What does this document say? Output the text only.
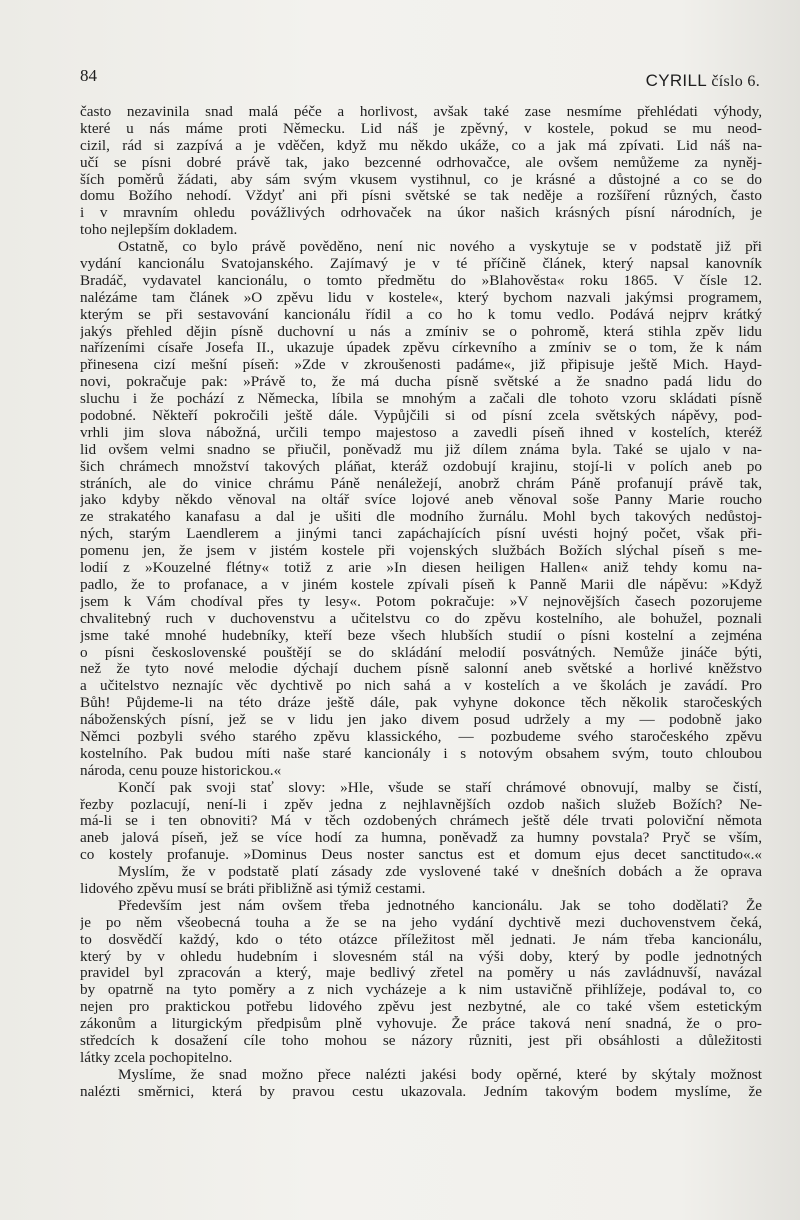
84	CYRILL číslo 6.
často nezavinila snad malá péče a horlivost, avšak také zase nesmíme přehlédati výhody,
které u nás máme proti Německu. Lid náš je zpěvný, v kostele, pokud se mu neod-
cizil, rád si zazpívá a je vděčen, když mu někdo ukáže, co a jak má zpívati. Lid náš na-
učí se písni dobré právě tak, jako bezcenné odrhovačce, ale ovšem nemůžeme za nyněj-
ších poměrů žádati, aby sám svým vkusem vystihnul, co je krásné a důstojné a co se do
domu Božího nehodí. Vždyť ani při písni světské se tak neděje a rozšíření různých, často
i v mravním ohledu povážlivých odrhovaček na úkor našich krásných písní národních, je
toho nejlepším dokladem.
Ostatně, co bylo právě pověděno, není nic nového a vyskytuje se v podstatě již při
vydání kancionálu Svatojanského. Zajímavý je v té příčině článek, který napsal kanovník
Bradáč, vydavatel kancionálu, o tomto předmětu do »Blahověsta« roku 1865. V čísle 12.
nalézáme tam článek »O zpěvu lidu v kostele«, který bychom nazvali jakýmsi programem,
kterým se při sestavování kancionálu řídil a co ho k tomu vedlo. Podává nejprv krátký
jakýs přehled dějin písně duchovní u nás a zmíniv se o pohromě, která stihla zpěv lidu
nařízeními císaře Josefa II., ukazuje úpadek zpěvu církevního a zmíniv se o tom, že k nám
přinesena cizí mešní píseň: »Zde v zkroušenosti padáme«, již připisuje ještě Mich. Hayd-
novi, pokračuje pak: »Právě to, že má ducha písně světské a že snadno padá lidu do
sluchu i že pochází z Německa, líbila se mnohým a začali dle tohoto vzoru skládati písně
podobné. Někteří pokročili ještě dále. Vypůjčili si od písní zcela světských nápěvy, pod-
vrhli jim slova nábožná, určili tempo majestoso a zavedli píseň ihned v kostelích, kteréž
lid ovšem velmi snadno se přiučil, poněvadž mu již dílem známa byla. Také se ujalo v na-
šich chrámech množství takových pláňat, kteráž ozdobují krajinu, stojí-li v polích aneb po
stráních, ale do vinice chrámu Páně nenáležejí, anobrž chrám Páně profanují právě tak,
jako kdyby někdo věnoval na oltář svíce lojové aneb věnoval soše Panny Marie roucho
ze strakatého kanafasu a dal je ušiti dle modního žurnálu. Mohl bych takových nedůstoj-
ných, starým Laendlerem a jinými tanci zapáchajících písní uvésti hojný počet, však při-
pomenu jen, že jsem v jistém kostele při vojenských službách Božích slýchal píseň s me-
lodií z »Kouzelné flétny« totiž z arie »In diesen heiligen Hallen« aniž tehdy komu na-
padlo, že to profanace, a v jiném kostele zpívali píseň k Panně Marii dle nápěvu: »Když
jsem k Vám chodíval přes ty lesy«. Potom pokračuje: »V nejnovějších časech pozorujeme
chvalitebný ruch v duchovenstvu a učitelstvu co do zpěvu kostelního, ale bohužel, poznali
jsme také mnohé hudebníky, kteří beze všech hlubších studií o písni kostelní a zejména
o písni československé pouštějí se do skládání melodií posvátných. Nemůže jináče býti,
než že tyto nové melodie dýchají duchem písně salonní aneb světské a horlivé kněžstvo
a učitelstvo neznajíc věc dychtivě po nich sahá a v kostelích a ve školách je zavádí. Pro
Bůh! Půjdeme-li na této dráze ještě dále, pak vyhyne dokonce těch několik staročeských
náboženských písní, jež se v lidu jen jako divem posud udržely a my — podobně jako
Němci pozbyli svého starého zpěvu klassického, — pozbudeme svého staročeského zpěvu
kostelního. Pak budou míti naše staré kancionály i s notovým obsahem svým, touto chloubou
národa, cenu pouze historickou.«
Končí pak svoji stať slovy: »Hle, všude se staří chrámové obnovují, malby se čistí,
řezby pozlacují, není-li i zpěv jedna z nejhlavnějších ozdob našich služeb Božích? Ne-
má-li se i ten obnoviti? Má v těch ozdobených chrámech ještě déle trvati poloviční němota
aneb jalová píseň, jež se více hodí za humna, poněvadž za humny povstala? Pryč se vším,
co kostely profanuje. »Dominus Deus noster sanctus est et domum ejus decet sanctitudo«.«
Myslím, že v podstatě platí zásady zde vyslovené také v dnešních dobách a že oprava
lidového zpěvu musí se bráti přibližně asi týmiž cestami.
Především jest nám ovšem třeba jednotného kancionálu. Jak se toho dodělati? Že
je po něm všeobecná touha a že se na jeho vydání dychtivě mezi duchovenstvem čeká,
to dosvědčí každý, kdo o této otázce příležitost měl jednati. Je nám třeba kancionálu,
který by v ohledu hudebním i slovesném stál na výši doby, který by podle jednotných
pravidel byl zpracován a který, maje bedlivý zřetel na poměry u nás zavládnuvší, navázal
by opatrně na tyto poměry a z nich vycházeje a k nim ustavičně přihlížeje, podával to, co
nejen pro praktickou potřebu lidového zpěvu jest nezbytné, ale co také všem estetickým
zákonům a liturgickým předpisům plně vyhovuje. Že práce taková není snadná, že o pro-
středcích k dosažení cíle toho mohou se názory různiti, jest při obsáhlosti a důležitosti
látky zcela pochopitelno.
Myslíme, že snad možno přece nalézti jakési body opěrné, které by skýtaly možnost
nalézti směrnici, která by pravou cestu ukazovala. Jedním takovým bodem myslíme, že
